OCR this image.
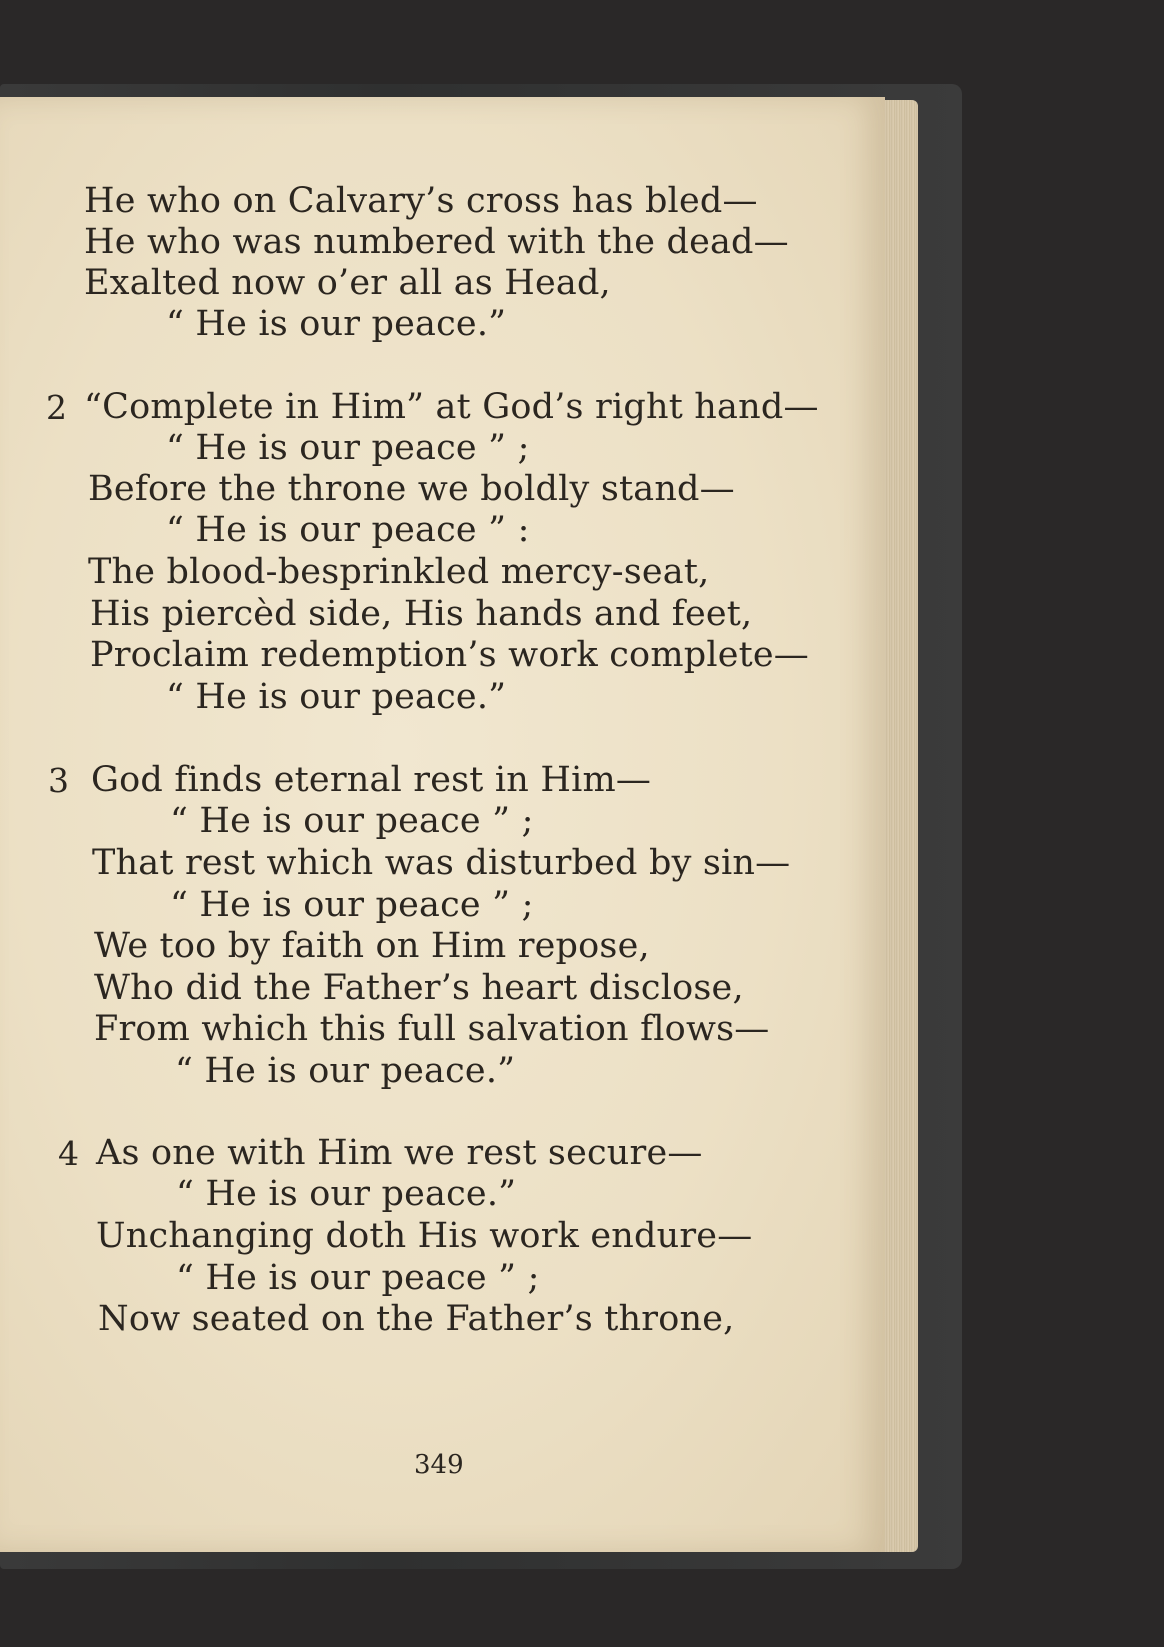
He who on Calvary’s cross has bled—
He who was numbered with the dead—
Exalted now o’er all as Head,
“ He is our peace.”
2 “Complete in Him” at God’s right hand—
“ He is our peace ” ;
Before the throne we boldly stand—
“ He is our peace ” :
The blood-besprinkled mercy-seat,
His piercèd side, His hands and feet,
Proclaim redemption’s work complete—
“ He is our peace.”
3 God finds eternal rest in Him—
“ He is our peace ” ;
That rest which was disturbed by sin—
“ He is our peace ” ;
We too by faith on Him repose,
Who did the Father’s heart disclose,
From which this full salvation flows—
“ He is our peace.”
4 As one with Him we rest secure—
“ He is our peace.”
Unchanging doth His work endure—
“ He is our peace ” ;
Now seated on the Father’s throne,
349
